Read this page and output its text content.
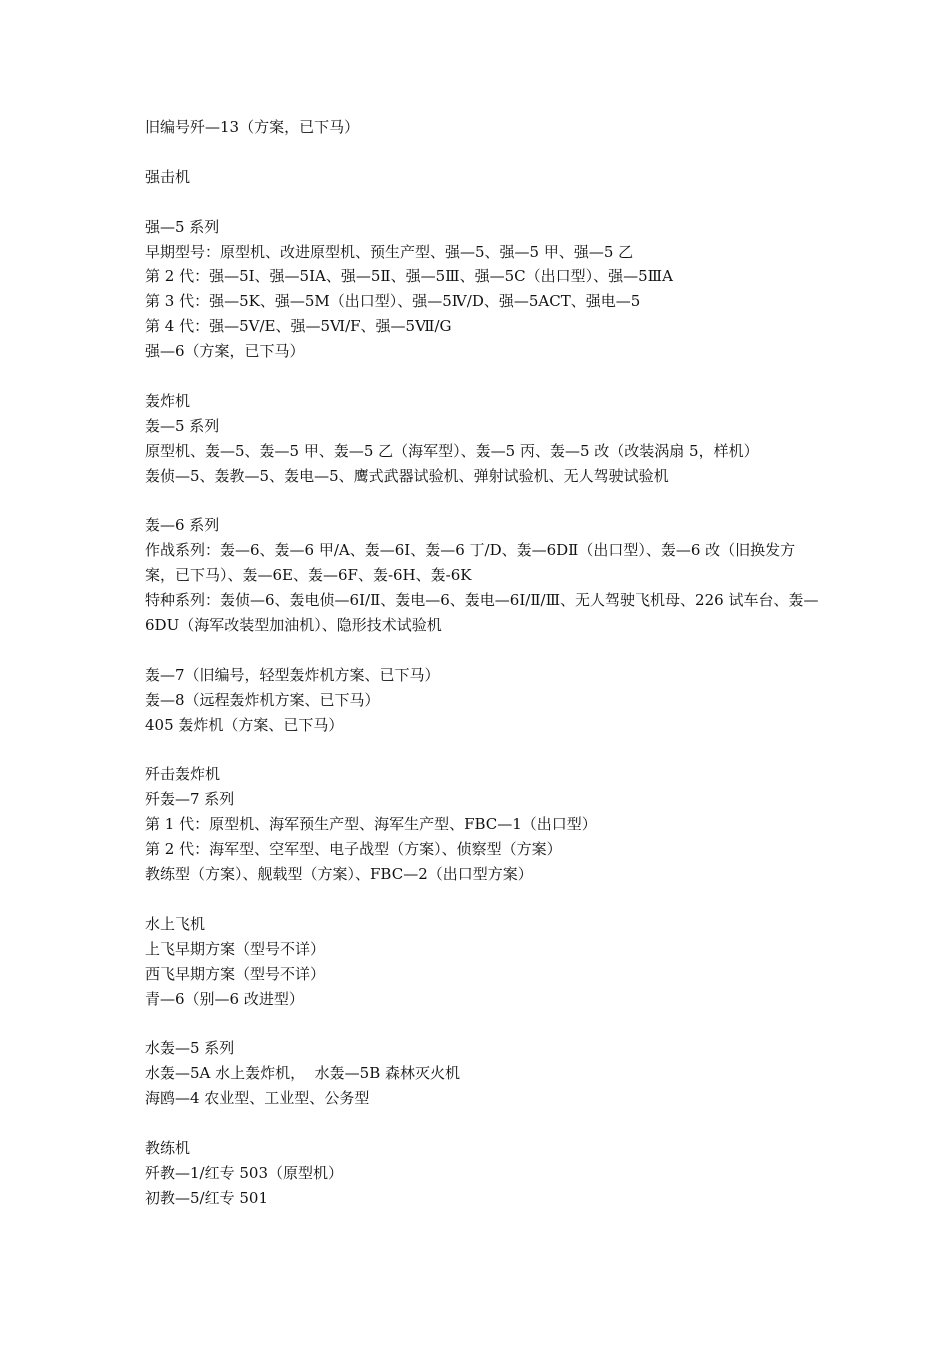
旧编号歼—13（方案，已下马）

强击机

强—5 系列

早期型号：原型机、改进原型机、预生产型、强—5、强—5 甲、强—5 乙

第 2 代：强—5Ⅰ、强—5ⅠA、强—5Ⅱ、强—5Ⅲ、强—5C（出口型）、强—5ⅢA

第 3 代：强—5K、强—5M（出口型）、强—5Ⅳ/D、强—5ACT、强电—5

第 4 代：强—5Ⅴ/E、强—5Ⅵ/F、强—5Ⅶ/G

强—6（方案，已下马）

轰炸机

轰—5 系列

原型机、轰—5、轰—5 甲、轰—5 乙（海军型）、轰—5 丙、轰—5 改（改装涡扇 5，样机）

轰侦—5、轰教—5、轰电—5、鹰式武器试验机、弹射试验机、无人驾驶试验机

轰—6 系列

作战系列：轰—6、轰—6 甲/A、轰—6Ⅰ、轰—6 丁/D、轰—6DⅡ（出口型）、轰—6 改（旧换发方案，已下马）、轰—6E、轰—6F、轰-6H、轰-6K

特种系列：轰侦—6、轰电侦—6Ⅰ/Ⅱ、轰电—6、轰电—6Ⅰ/Ⅱ/Ⅲ、无人驾驶飞机母、226 试车台、轰—6DU（海军改装型加油机）、隐形技术试验机

轰—7（旧编号，轻型轰炸机方案、已下马）

轰—8（远程轰炸机方案、已下马）

405 轰炸机（方案、已下马）

歼击轰炸机

歼轰—7 系列

第 1 代：原型机、海军预生产型、海军生产型、FBC—1（出口型）

第 2 代：海军型、空军型、电子战型（方案）、侦察型（方案）

教练型（方案）、舰载型（方案）、FBC—2（出口型方案）

水上飞机

上飞早期方案（型号不详）

西飞早期方案（型号不详）

青—6（别—6 改进型）

水轰—5 系列

水轰—5A 水上轰炸机，  水轰—5B 森林灭火机

海鸥—4 农业型、工业型、公务型

教练机

歼教—1/红专 503（原型机）

初教—5/红专 501
